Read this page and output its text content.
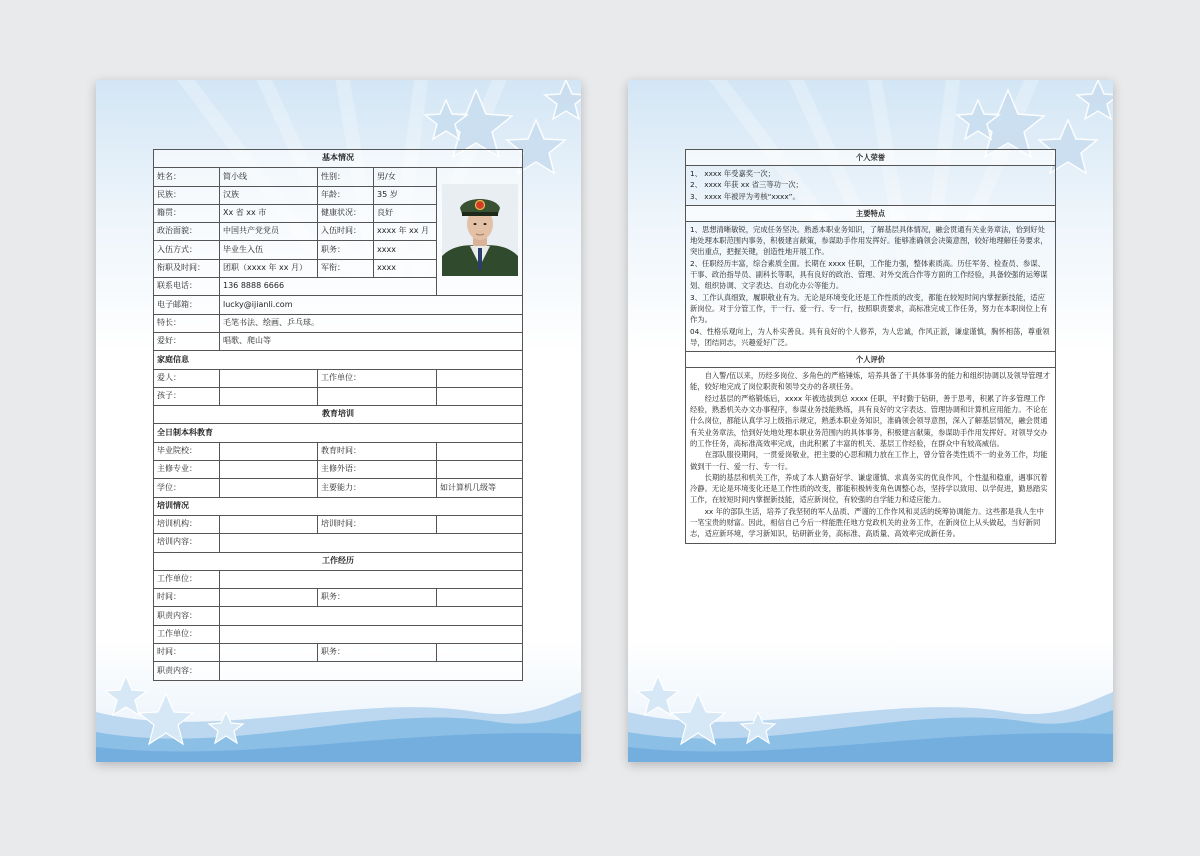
基本情况				
姓名：	简小线	性别：	男/女	
民族：	汉族	年龄：	35 岁	
籍贯：	Xx 省 xx 市	健康状况：	良好	
政治面貌：	中国共产党党员	入伍时间：	xxxx 年 xx 月	
入伍方式：	毕业生入伍	职务：	xxxx	
衔职及时间：	团职（xxxx 年 xx 月）	军衔：	xxxx	
联系电话：	136 8888 6666			
电子邮箱：	lucky@ijianli.com			
特长：	毛笔书法、绘画、乒乓球。			
爱好：	唱歌、爬山等			
家庭信息				
爱人：		工作单位：		
孩子：				
教育培训				
全日制本科教育				
毕业院校：		教育时间：		
主修专业：		主修外语：		
学位：		主要能力：		如计算机几级等
培训情况				
培训机构：		培训时间：		
培训内容：				
工作经历				
工作单位：				
时间：		职务：		
职责内容：				
工作单位：				
时间：		职务：		
职责内容：				
个人荣誉

1、 xxxx 年受嘉奖一次；

2、 xxxx 年获 xx 省三等功一次；

3、 xxxx 年被评为考核“xxxx”。

主要特点

1、思想清晰敏锐，完成任务坚决。熟悉本职业务知识，了解基层具体情况，融会贯通有关业务章法，恰到好处地处理本职范围内事务，积极建言献策，参谋助手作用发挥好。能够准确领会决策意图，较好地理解任务要求，突出重点，把握关键，创造性地开展工作。

2、任职经历丰富，综合素质全面。长期在 xxxx 任职，工作能力强，整体素质高。历任军务、检查员、参谋、干事、政治指导员、副科长等职，具有良好的政治、管理、对外交流合作等方面的工作经验，具备较强的运筹谋划、组织协调、文字表达、自动化办公等能力。

3、工作认真细致，履职敬业有为。无论是环境变化还是工作性质的改变，都能在较短时间内掌握新技能，适应新岗位。对于分管工作，干一行、爱一行、专一行，按照职责要求，高标准完成工作任务，努力在本职岗位上有作为。

04、性格乐观向上，为人朴实善良。具有良好的个人修养，为人忠诚，作风正派，谦虚谨慎，胸怀相荡，尊重领导，团结同志，兴趣爱好广泛。

个人评价

自入警/伍以来，历经多岗位、多角色的严格锤炼，培养具备了干具体事务的能力和组织协调以及领导管理才能，较好地完成了岗位职责和领导交办的各项任务。

经过基层的严格锻炼后，xxxx 年被选拔到总 xxxx 任职，平时勤于钻研，善于思考，积累了许多管理工作经验，熟悉机关办文办事程序，参谋业务技能熟练，具有良好的文字表达、管理协调和计算机应用能力。不论在什么岗位，都能认真学习上级指示规定，熟悉本职业务知识，准确领会领导意图，深入了解基层情况，融会贯通有关业务章法，恰到好处地处理本职业务范围内的具体事务，积极建言献策，参谋助手作用发挥好。对领导交办的工作任务，高标准高效率完成，由此积累了丰富的机关、基层工作经验，在群众中有较高威信。

在部队服役期间，一贯爱岗敬业，把主要的心思和精力放在工作上，曾分管各类性质不一的业务工作，均能做到干一行、爱一行、专一行。

长期的基层和机关工作，养成了本人勤奋好学、谦虚谨慎、求真务实的优良作风，个性温和稳重，遇事沉着冷静。无论是环境变化还是工作性质的改变，都能积极转变角色调整心态，坚持学以致用、以学促进，勤恳踏实工作，在较短时间内掌握新技能，适应新岗位，有较强的自学能力和适应能力。

xx 年的部队生活，培养了我坚韧的军人品质、严谨的工作作风和灵活的统筹协调能力。这些都是我人生中一笔宝贵的财富。因此，相信自己今后一样能胜任地方党政机关的业务工作，在新岗位上从头做起，当好新同志，适应新环境，学习新知识，钻研新业务，高标准、高质量、高效率完成新任务。
